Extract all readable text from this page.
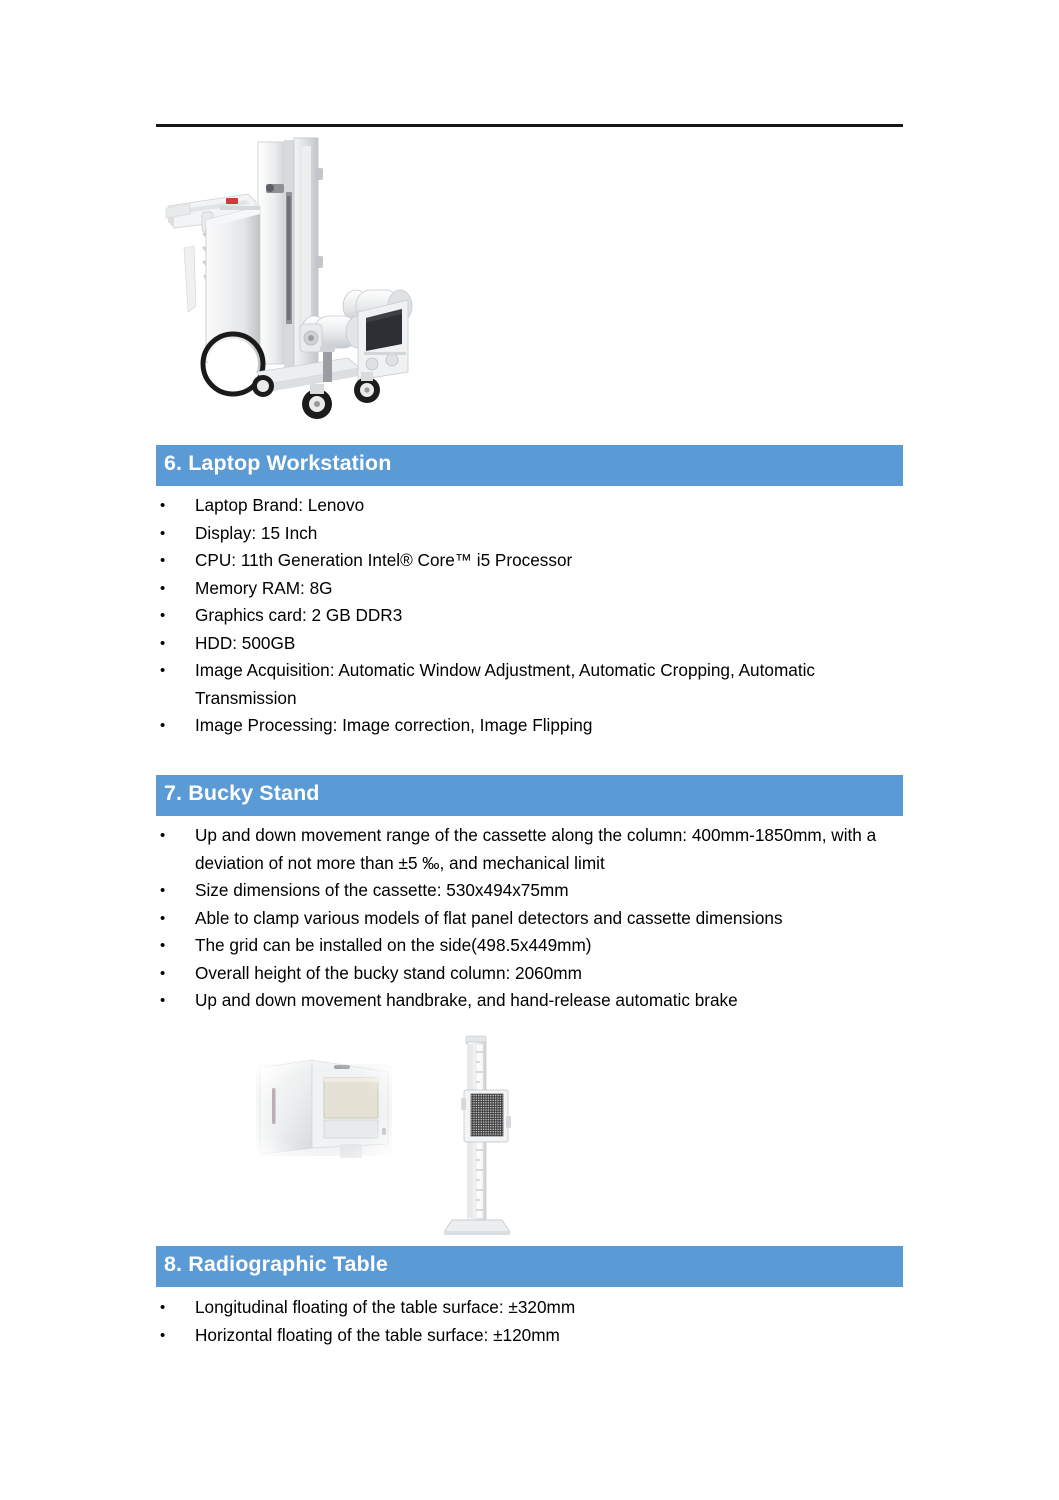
6. Laptop Workstation
•	Laptop Brand: Lenovo
•	Display: 15 Inch
•	CPU: 11th Generation Intel® Core™ i5 Processor
•	Memory RAM: 8G
•	Graphics card: 2 GB DDR3
•	HDD: 500GB
•	Image Acquisition: Automatic Window Adjustment, Automatic Cropping, Automatic Transmission
•	Image Processing: Image correction, Image Flipping
7. Bucky Stand
•	Up and down movement range of the cassette along the column: 400mm-1850mm, with a deviation of not more than ±5 ‰, and mechanical limit
•	Size dimensions of the cassette: 530x494x75mm
•	Able to clamp various models of flat panel detectors and cassette dimensions
•	The grid can be installed on the side(498.5x449mm)
•	Overall height of the bucky stand column: 2060mm
•	Up and down movement handbrake, and hand-release automatic brake
8. Radiographic Table
•	Longitudinal floating of the table surface: ±320mm
•	Horizontal floating of the table surface: ±120mm
